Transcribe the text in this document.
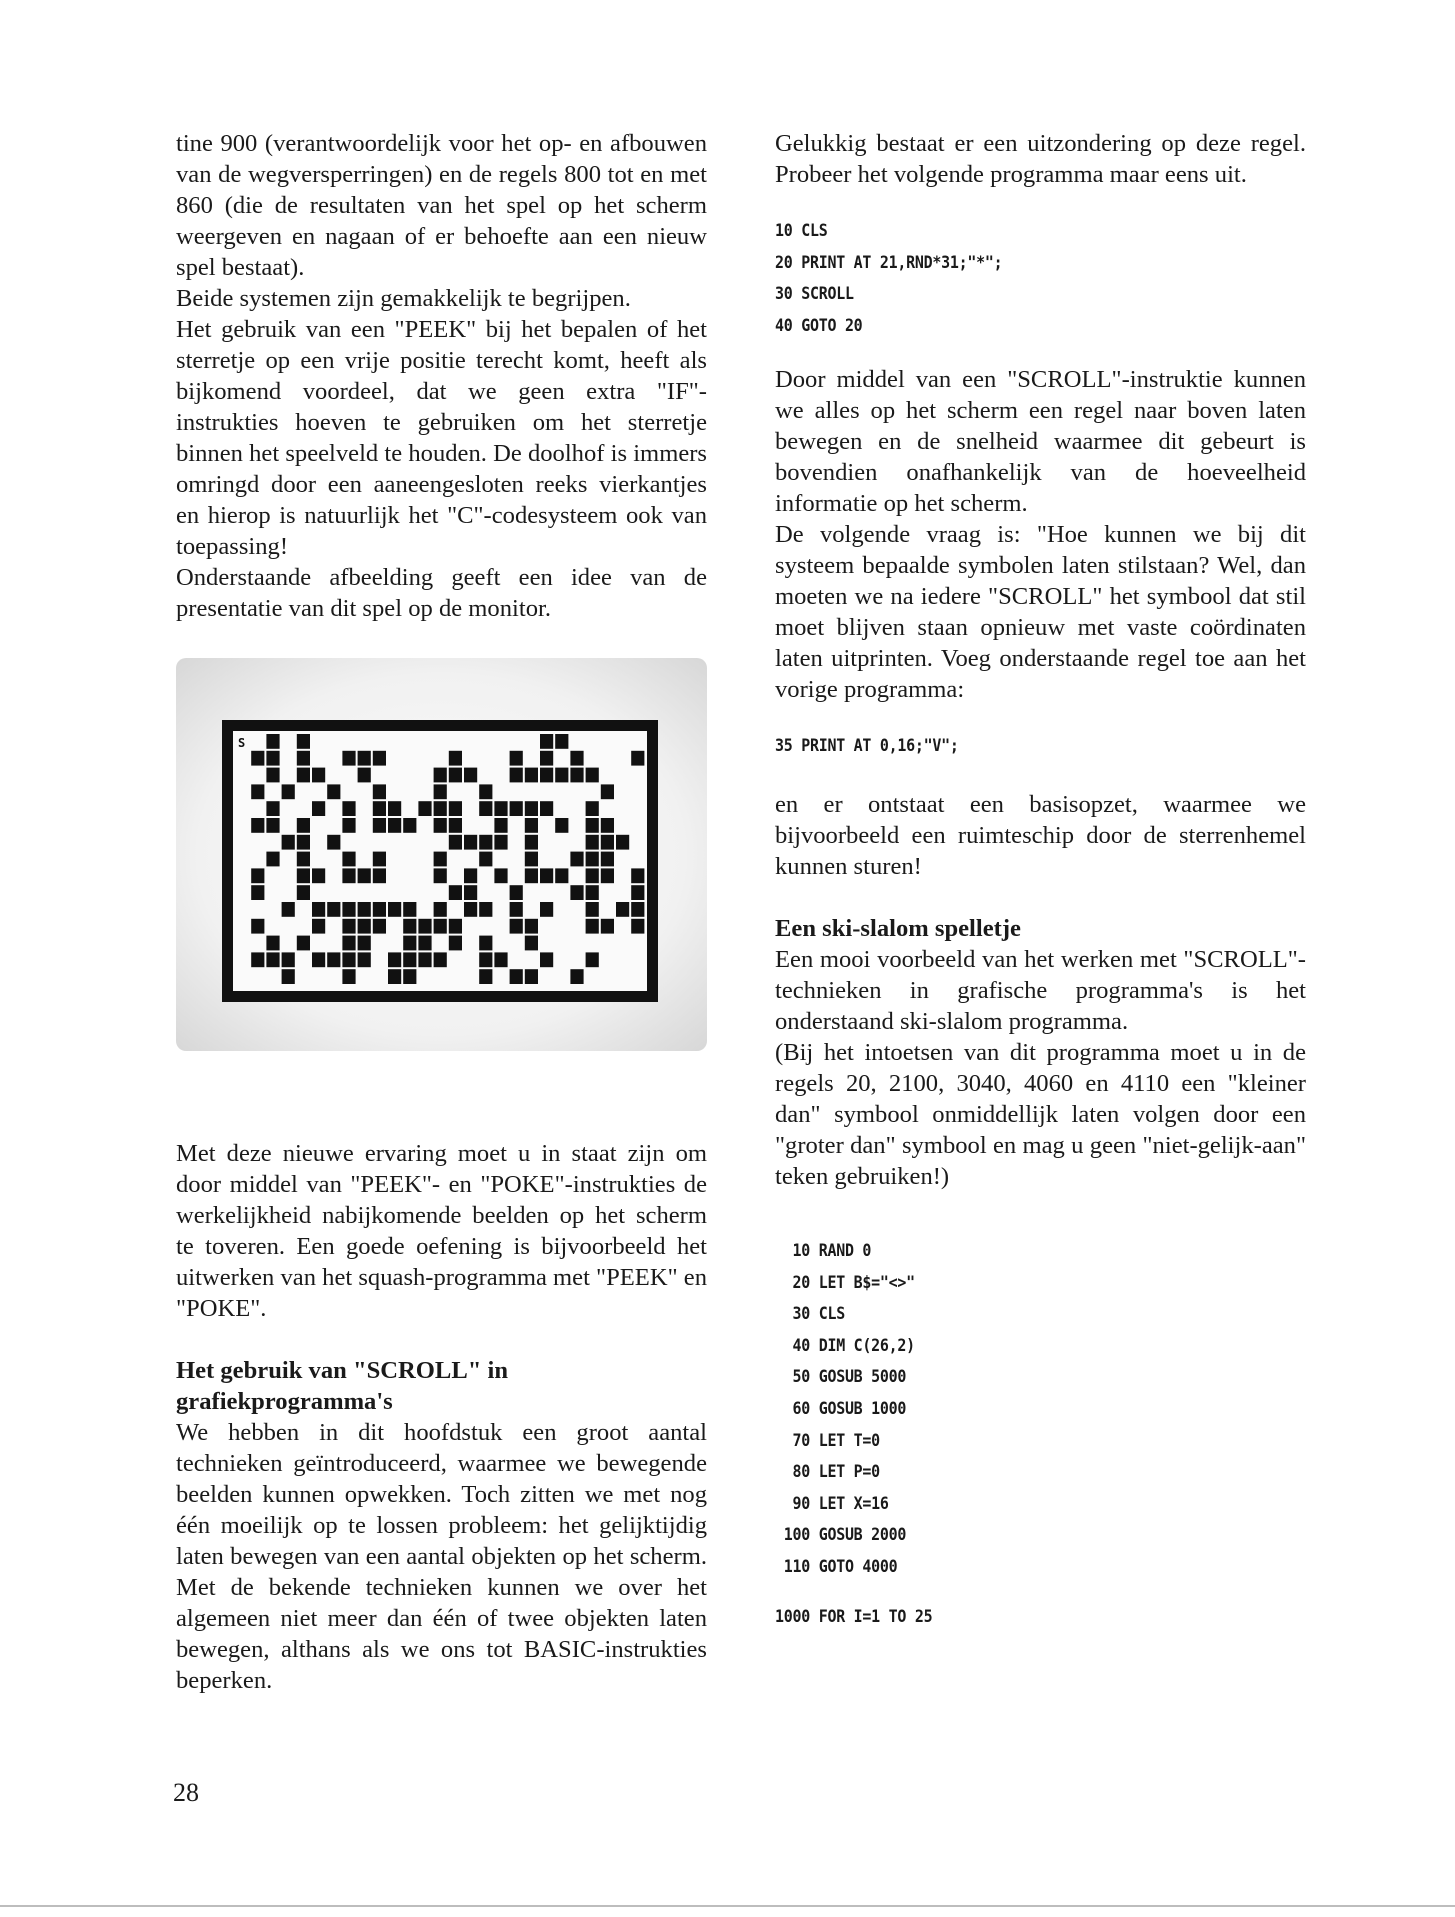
tine 900 (verantwoordelijk voor het op- en afbouwen van de wegversperringen) en de regels 800 tot en met 860 (die de resultaten van het spel op het scherm weergeven en nagaan of er behoefte aan een nieuw spel bestaat).

Beide systemen zijn gemakkelijk te begrijpen.

Het gebruik van een "PEEK" bij het bepalen of het sterretje op een vrije positie terecht komt, heeft als bijkomend voordeel, dat we geen extra "IF"-instrukties hoeven te gebruiken om het sterretje binnen het speelveld te houden. De doolhof is immers omringd door een aaneengesloten reeks vierkantjes en hierop is natuurlijk het "C"-codesysteem ook van toepassing!

Onderstaande afbeelding geeft een idee van de presentatie van dit spel op de monitor.

S

Met deze nieuwe ervaring moet u in staat zijn om door middel van "PEEK"- en "POKE"-instrukties de werkelijkheid nabijkomende beelden op het scherm te toveren. Een goede oefening is bijvoorbeeld het uitwerken van het squash-programma met "PEEK" en "POKE".

Het gebruik van "SCROLL" in grafiekprogramma's

We hebben in dit hoofdstuk een groot aantal technieken geïntroduceerd, waarmee we bewegende beelden kunnen opwekken. Toch zitten we met nog één moeilijk op te lossen probleem: het gelijktijdig laten bewegen van een aantal objekten op het scherm. Met de bekende technieken kunnen we over het algemeen niet meer dan één of twee objekten laten bewegen, althans als we ons tot BASIC-instrukties beperken.

Gelukkig bestaat er een uitzondering op deze regel. Probeer het volgende programma maar eens uit.

10 CLS
20 PRINT AT 21,RND*31;"*";
30 SCROLL
40 GOTO 20

Door middel van een "SCROLL"-instruktie kunnen we alles op het scherm een regel naar boven laten bewegen en de snelheid waarmee dit gebeurt is bovendien onafhankelijk van de hoeveelheid informatie op het scherm.

De volgende vraag is: "Hoe kunnen we bij dit systeem bepaalde symbolen laten stilstaan? Wel, dan moeten we na iedere "SCROLL" het symbool dat stil moet blijven staan opnieuw met vaste coördinaten laten uitprinten. Voeg onderstaande regel toe aan het vorige programma:

35 PRINT AT 0,16;"V";

en er ontstaat een basisopzet, waarmee we bijvoorbeeld een ruimteschip door de sterrenhemel kunnen sturen!

Een ski-slalom spelletje

Een mooi voorbeeld van het werken met "SCROLL"-technieken in grafische programma's is het onderstaand ski-slalom programma.

(Bij het intoetsen van dit programma moet u in de regels 20, 2100, 3040, 4060 en 4110 een "kleiner dan" symbool onmiddellijk laten volgen door een "groter dan" symbool en mag u geen "niet-gelijk-aan" teken gebruiken!)

10 RAND 0
20 LET B$="<>"
30 CLS
40 DIM C(26,2)
50 GOSUB 5000
60 GOSUB 1000
70 LET T=0
80 LET P=0
90 LET X=16
100 GOSUB 2000
110 GOTO 4000
1000 FOR I=1 TO 25
28
